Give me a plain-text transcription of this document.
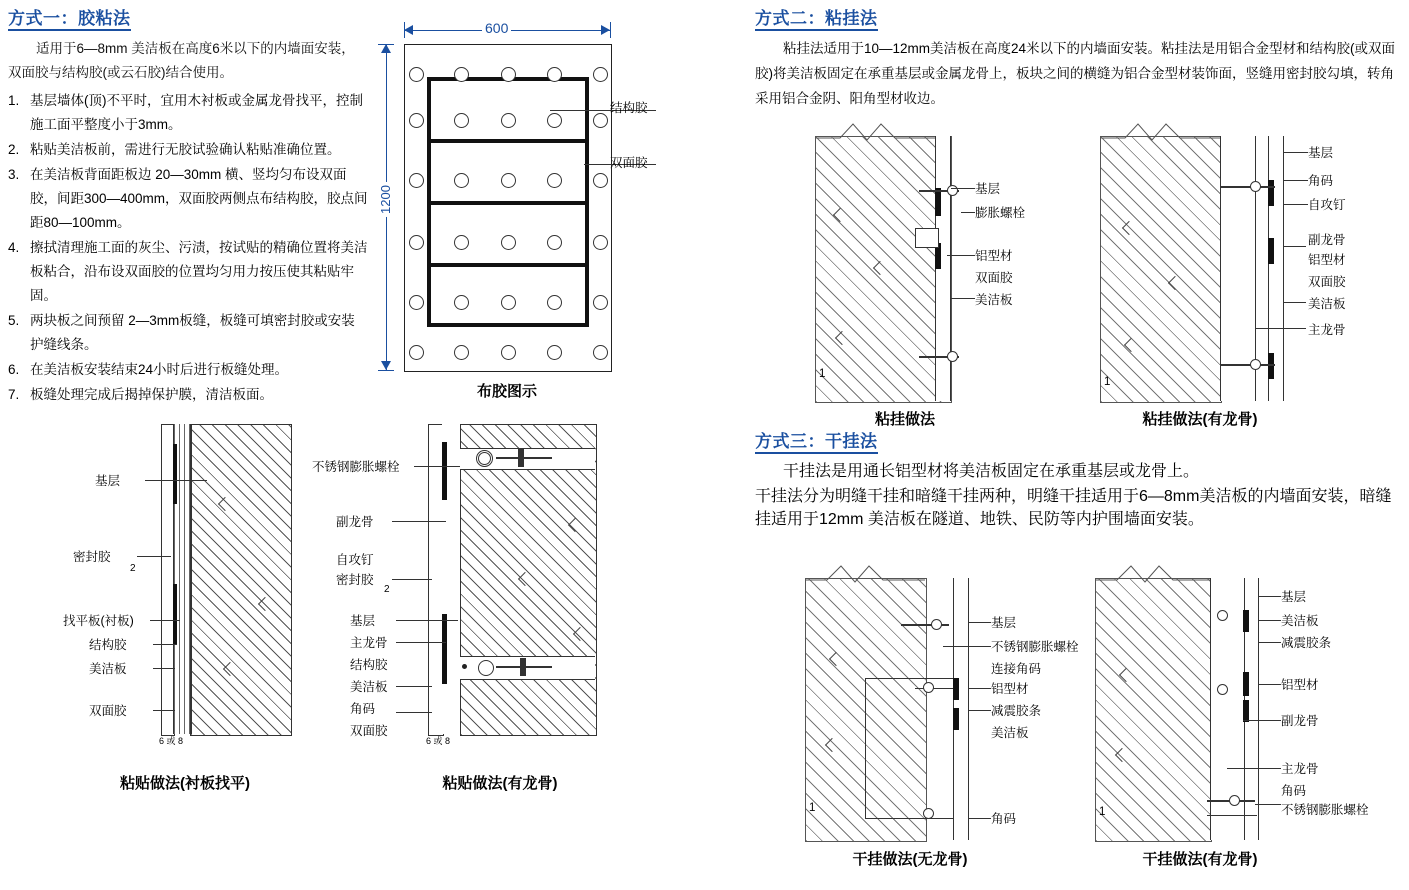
方式一：胶粘法
适用于6—8mm 美洁板在高度6米以下的内墙面安装，双面胶与结构胶(或云石胶)结合使用。
1. 基层墙体(顶)不平时，宜用木衬板或金属龙骨找平，控制施工面平整度小于3mm。
2. 粘贴美洁板前，需进行无胶试验确认粘贴准确位置。
3. 在美洁板背面距板边 20—30mm 横、竖均匀布设双面胶，间距300—400mm，双面胶两侧点布结构胶，胶点间距80—100mm。
4. 擦拭清理施工面的灰尘、污渍，按试贴的精确位置将美洁板粘合，沿布设双面胶的位置均匀用力按压使其粘贴牢固。
5. 两块板之间预留 2—3mm板缝，板缝可填密封胶或安装护缝线条。
6. 在美洁板安装结束24小时后进行板缝处理。
7. 板缝处理完成后揭掉保护膜，清洁板面。
600
1200
结构胶
双面胶
布胶图示
基层
密封胶
2
找平板(衬板)
结构胶
美洁板
双面胶
6 或 8
粘贴做法(衬板找平)
不锈钢膨胀螺栓
副龙骨
自攻钉
密封胶
2
基层
主龙骨
结构胶
美洁板
角码
双面胶
6 或 8
粘贴做法(有龙骨)
方式二：粘挂法
粘挂法适用于10—12mm美洁板在高度24米以下的内墙面安装。粘挂法是用铝合金型材和结构胶(或双面胶)将美洁板固定在承重基层或金属龙骨上，板块之间的横缝为铝合金型材装饰面，竖缝用密封胶勾填，转角采用铝合金阴、阳角型材收边。
1
基层
膨胀螺栓
铝型材
双面胶
美洁板
粘挂做法
1
基层
角码
自攻钉
副龙骨
铝型材
双面胶
美洁板
主龙骨
粘挂做法(有龙骨)
方式三：干挂法
干挂法是用通长铝型材将美洁板固定在承重基层或龙骨上。
干挂法分为明缝干挂和暗缝干挂两种，明缝干挂适用于6—8mm美洁板的内墙面安装，暗缝挂适用于12mm 美洁板在隧道、地铁、民防等内护围墙面安装。
1
基层
不锈钢膨胀螺栓
连接角码
铝型材
减震胶条
美洁板
角码
干挂做法(无龙骨)
1
基层
美洁板
减震胶条
铝型材
副龙骨
主龙骨
角码
不锈钢膨胀螺栓
干挂做法(有龙骨)
